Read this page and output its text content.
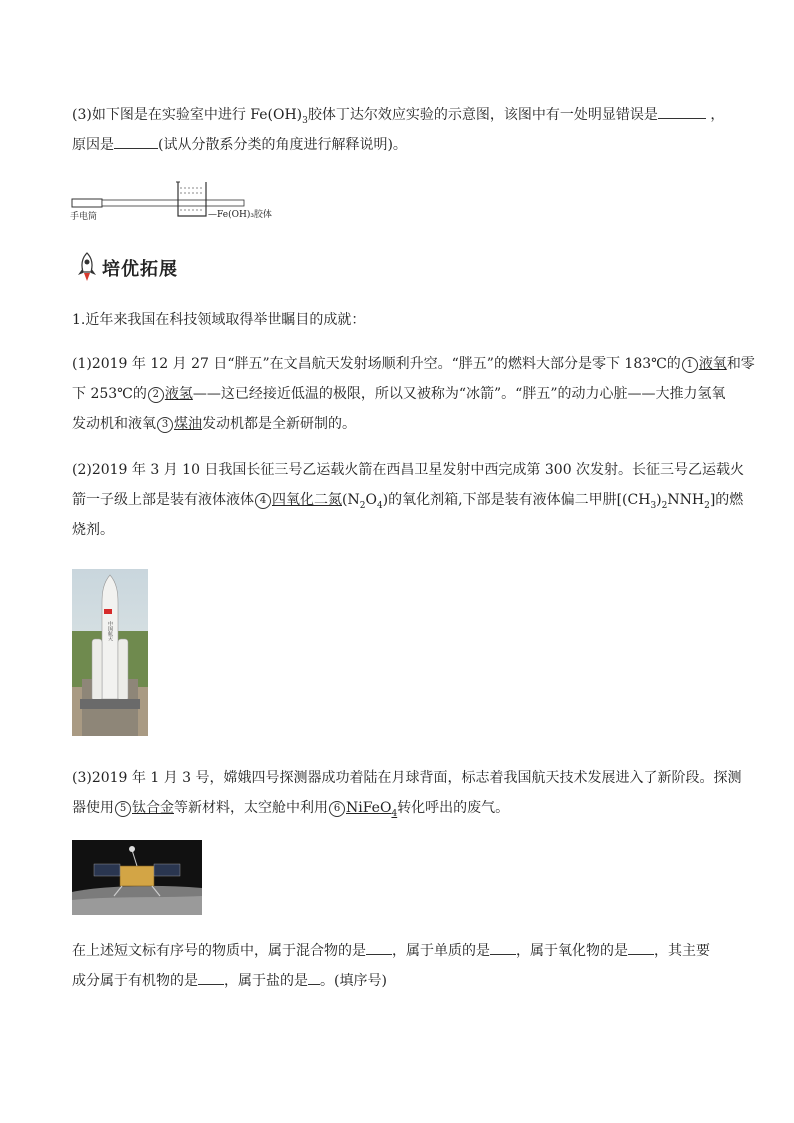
(3)如下图是在实验室中进行 $Fe(OH)_3$胶体丁达尔效应实验的示意图，该图中有一处明显错误是	，
原因是	(试从分散系分类的角度进行解释说明)。
手电筒	—Fe(OH)₃胶体
培优拓展
1.近年来我国在科技领域取得举世瞩目的成就：
(1)2019 年 12 月 27 日“胖五”在文昌航天发射场顺利升空。“胖五”的燃料大部分是零下 183℃的 1 液氧和零
下 253℃的 2 液氢——这已经接近低温的极限，所以又被称为“冰箭”。“胖五”的动力心脏——大推力氢氧
发动机和液氧 3 煤油发动机都是全新研制的。
(2)2019 年 3 月 10 日我国长征三号乙运载火箭在西昌卫星发射中西完成第 300 次发射。长征三号乙运载火
箭一子级上部是装有液体液体 4 四氧化二氮$(N_2O_4)$的氧化剂箱,下部是装有液体偏二甲肼$[(CH_3)_2NNH_2]$的燃
烧剂。
中国航天
(3)2019 年 1 月 3 号，嫦娥四号探测器成功着陆在月球背面，标志着我国航天技术发展进入了新阶段。探测
器使用 5 钛合金等新材料，太空舱中利用 6 NiFeO$_4$转化呼出的废气。
在上述短文标有序号的物质中，属于混合物的是 ，属于单质的是 ，属于氧化物的是 ，其主要
成分属于有机物的是 ，属于盐的是 。(填序号)
